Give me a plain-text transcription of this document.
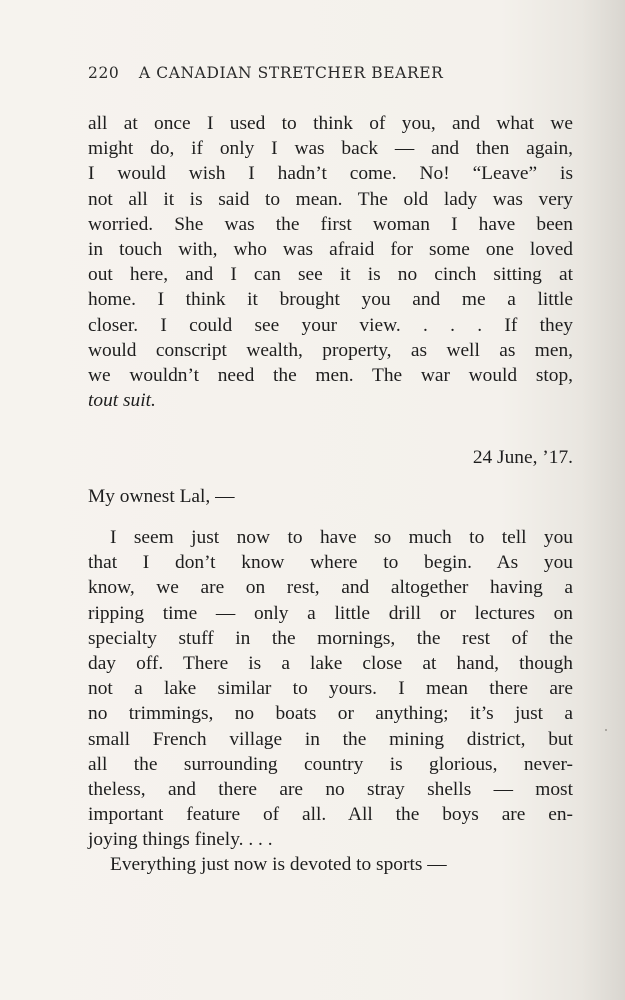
220 A CANADIAN STRETCHER BEARER
all at once I used to think of you, and what we
might do, if only I was back — and then again,
I would wish I hadn’t come. No! “Leave” is
not all it is said to mean. The old lady was very
worried. She was the first woman I have been
in touch with, who was afraid for some one loved
out here, and I can see it is no cinch sitting at
home. I think it brought you and me a little
closer. I could see your view. . . . If they
would conscript wealth, property, as well as men,
we wouldn’t need the men. The war would stop,
tout suit.
24 June, ’17.
My ownest Lal, —
I seem just now to have so much to tell you
that I don’t know where to begin. As you
know, we are on rest, and altogether having a
ripping time — only a little drill or lectures on
specialty stuff in the mornings, the rest of the
day off. There is a lake close at hand, though
not a lake similar to yours. I mean there are
no trimmings, no boats or anything; it’s just a
small French village in the mining district, but
all the surrounding country is glorious, never-
theless, and there are no stray shells — most
important feature of all. All the boys are en-
joying things finely. . . .
Everything just now is devoted to sports —
